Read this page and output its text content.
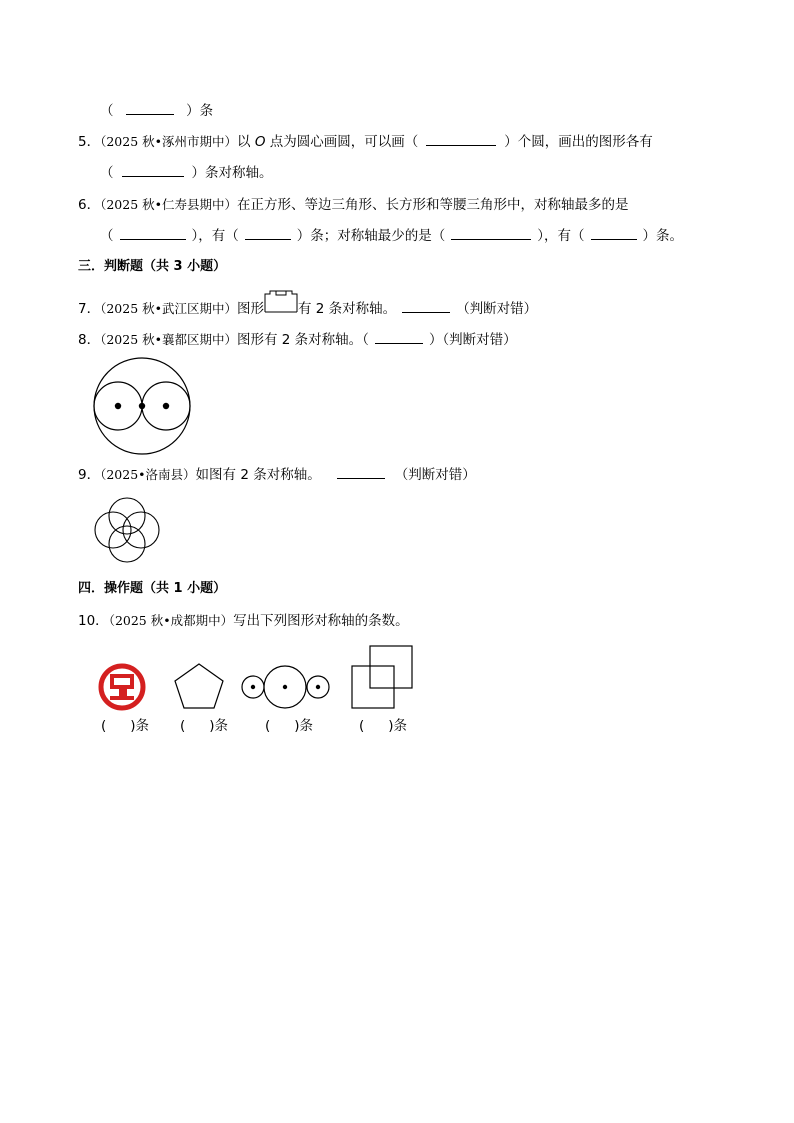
（	）条
5．（2025 秋•涿州市期中）以 O 点为圆心画圆，可以画（	）个圆，画出的图形各有
（	）条对称轴。
6．（2025 秋•仁寿县期中）在正方形、等边三角形、长方形和等腰三角形中，对称轴最多的是
（	），有（	）条；对称轴最少的是（	），有（	）条。
三．判断题（共 3 小题）
7．（2025 秋•武江区期中）图形	有 2 条对称轴。	（判断对错）
8．（2025 秋•襄都区期中）图形有 2 条对称轴。（	）（判断对错）
9．（2025•洛南县）如图有 2 条对称轴。	（判断对错）
四．操作题（共 1 小题）
10．（2025 秋•成都期中）写出下列图形对称轴的条数。
( )条 ( )条	( )条	( )条
